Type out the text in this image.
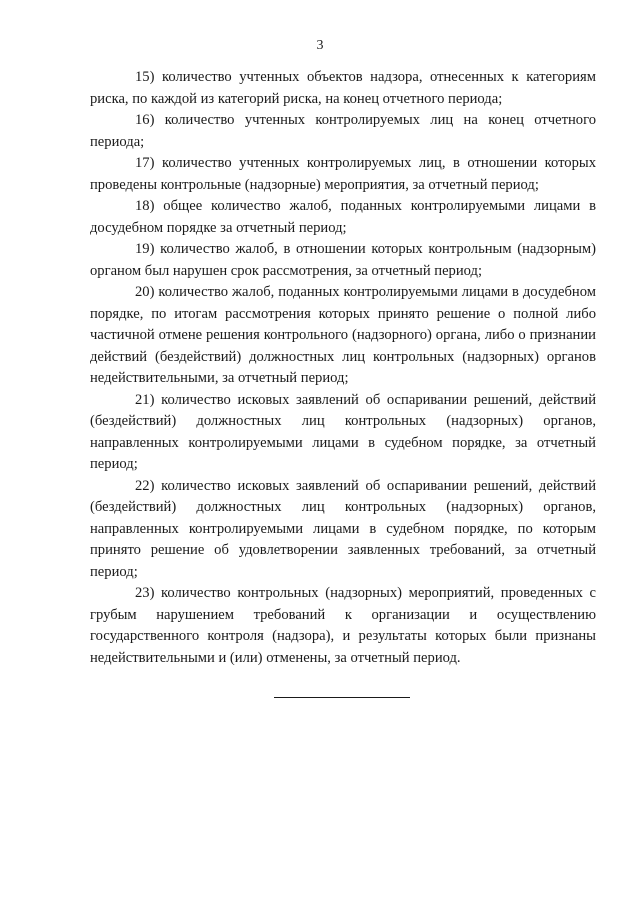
3

15) количество учтенных объектов надзора, отнесенных к категориям риска, по каждой из категорий риска, на конец отчетного периода;

16) количество учтенных контролируемых лиц на конец отчетного периода;

17) количество учтенных контролируемых лиц, в отношении которых проведены контрольные (надзорные) мероприятия, за отчетный период;

18) общее количество жалоб, поданных контролируемыми лицами в досудебном порядке за отчетный период;

19) количество жалоб, в отношении которых контрольным (надзорным) органом был нарушен срок рассмотрения, за отчетный период;

20) количество жалоб, поданных контролируемыми лицами в досудебном порядке, по итогам рассмотрения которых принято решение о полной либо частичной отмене решения контрольного (надзорного) органа, либо о признании действий (бездействий) должностных лиц контрольных (надзорных) органов недействительными, за отчетный период;

21) количество исковых заявлений об оспаривании решений, действий (бездействий) должностных лиц контрольных (надзорных) органов, направленных контролируемыми лицами в судебном порядке, за отчетный период;

22) количество исковых заявлений об оспаривании решений, действий (бездействий) должностных лиц контрольных (надзорных) органов, направленных контролируемыми лицами в судебном порядке, по которым принято решение об удовлетворении заявленных требований, за отчетный период;

23) количество контрольных (надзорных) мероприятий, проведенных с грубым нарушением требований к организации и осуществлению государственного контроля (надзора), и результаты которых были признаны недействительными и (или) отменены, за отчетный период.
